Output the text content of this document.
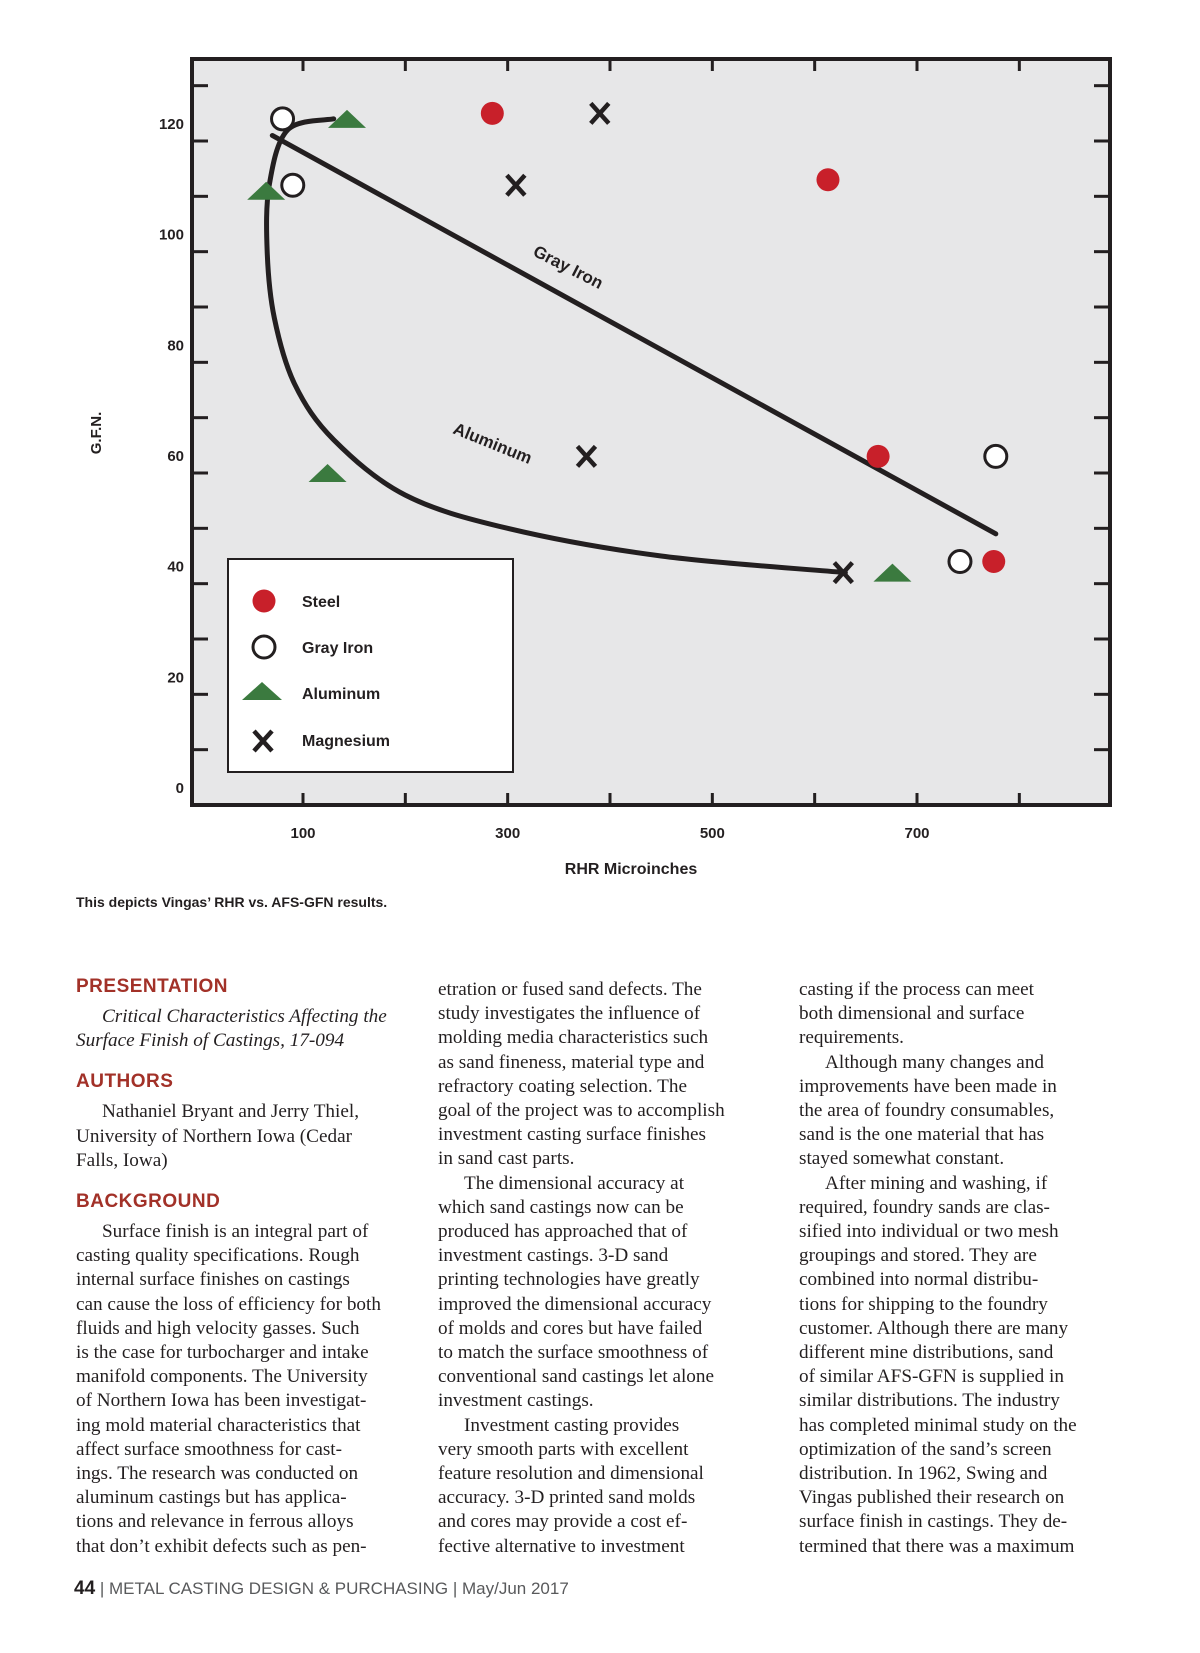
100	300	500	700
0
20
40
60
80
100
120
Gray Iron
Aluminum
G.F.N.
RHR Microinches
Steel
Gray Iron
Aluminum
Magnesium
This depicts Vingas’ RHR vs. AFS-GFN results.
PRESENTATION

Critical Characteristics Affecting the

Surface Finish of Castings, 17-094

AUTHORS

Nathaniel Bryant and Jerry Thiel,

University of Northern Iowa (Cedar

Falls, Iowa)

BACKGROUND

Surface finish is an integral part of

casting quality specifications. Rough

internal surface finishes on castings

can cause the loss of efficiency for both

fluids and high velocity gasses. Such

is the case for turbocharger and intake

manifold components. The University

of Northern Iowa has been investigat-

ing mold material characteristics that

affect surface smoothness for cast-

ings. The research was conducted on

aluminum castings but has applica-

tions and relevance in ferrous alloys

that don’t exhibit defects such as pen-

etration or fused sand defects. The

study investigates the influence of

molding media characteristics such

as sand fineness, material type and

refractory coating selection. The

goal of the project was to accomplish

investment casting surface finishes

in sand cast parts.

The dimensional accuracy at

which sand castings now can be

produced has approached that of

investment castings. 3-D sand

printing technologies have greatly

improved the dimensional accuracy

of molds and cores but have failed

to match the surface smoothness of

conventional sand castings let alone

investment castings.

Investment casting provides

very smooth parts with excellent

feature resolution and dimensional

accuracy. 3-D printed sand molds

and cores may provide a cost ef-

fective alternative to investment

casting if the process can meet

both dimensional and surface

requirements.

Although many changes and

improvements have been made in

the area of foundry consumables,

sand is the one material that has

stayed somewhat constant.

After mining and washing, if

required, foundry sands are clas-

sified into individual or two mesh

groupings and stored. They are

combined into normal distribu-

tions for shipping to the foundry

customer. Although there are many

different mine distributions, sand

of similar AFS-GFN is supplied in

similar distributions. The industry

has completed minimal study on the

optimization of the sand’s screen

distribution. In 1962, Swing and

Vingas published their research on

surface finish in castings. They de-

termined that there was a maximum

44 | METAL CASTING DESIGN & PURCHASING | May/Jun 2017
